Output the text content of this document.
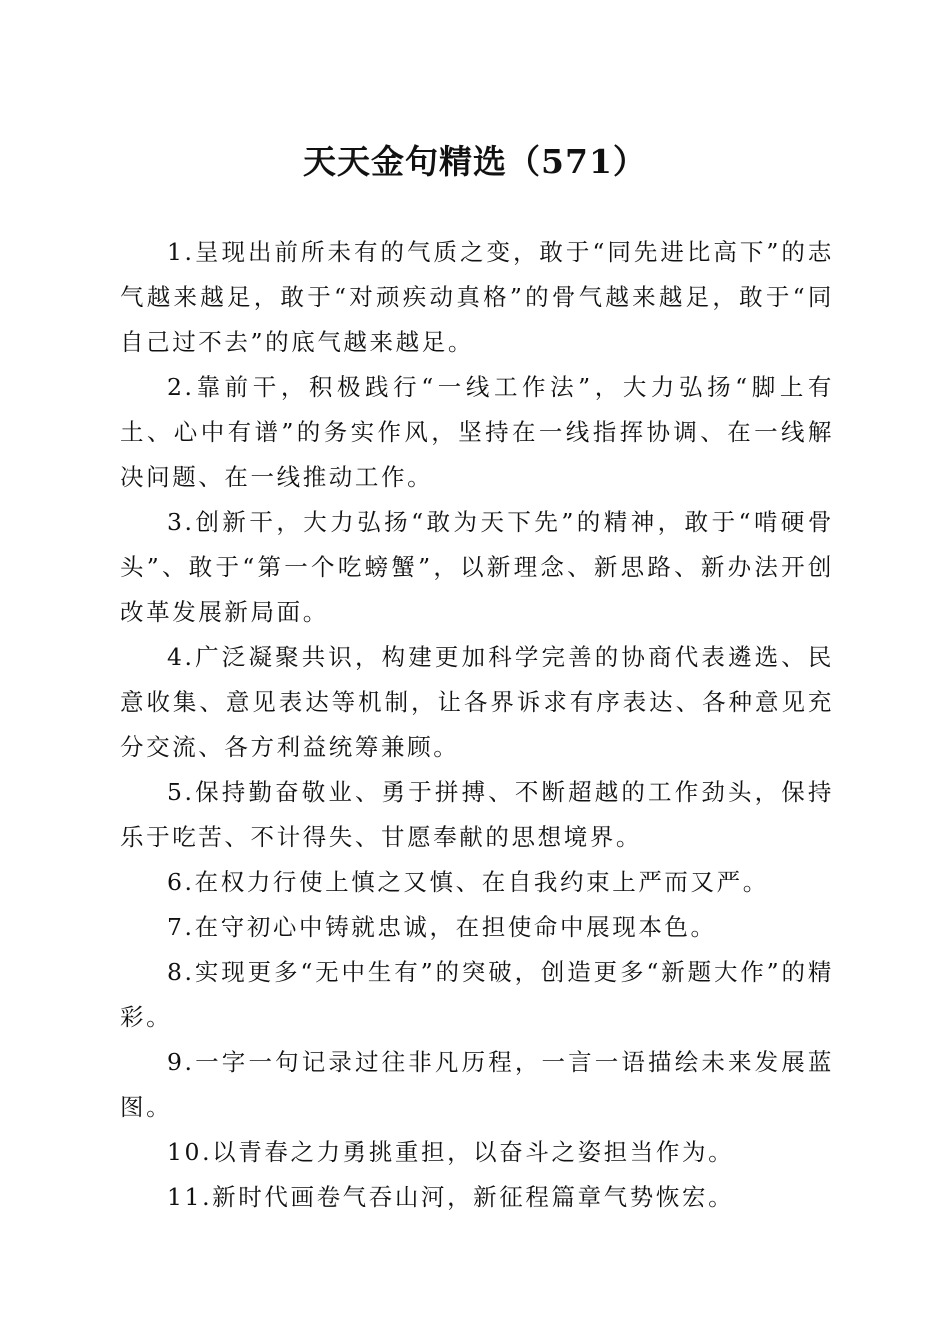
天天金句精选（571）

1.呈现出前所未有的气质之变，敢于“同先进比高下”的志气越来越足，敢于“对顽疾动真格”的骨气越来越足，敢于“同自己过不去”的底气越来越足。

2.靠前干，积极践行“一线工作法”，大力弘扬“脚上有土、心中有谱”的务实作风，坚持在一线指挥协调、在一线解决问题、在一线推动工作。

3.创新干，大力弘扬“敢为天下先”的精神，敢于“啃硬骨头”、敢于“第一个吃螃蟹”，以新理念、新思路、新办法开创改革发展新局面。

4.广泛凝聚共识，构建更加科学完善的协商代表遴选、民意收集、意见表达等机制，让各界诉求有序表达、各种意见充分交流、各方利益统筹兼顾。

5.保持勤奋敬业、勇于拼搏、不断超越的工作劲头，保持乐于吃苦、不计得失、甘愿奉献的思想境界。

6.在权力行使上慎之又慎、在自我约束上严而又严。

7.在守初心中铸就忠诚，在担使命中展现本色。

8.实现更多“无中生有”的突破，创造更多“新题大作”的精彩。

9.一字一句记录过往非凡历程，一言一语描绘未来发展蓝图。

10.以青春之力勇挑重担，以奋斗之姿担当作为。

11.新时代画卷气吞山河，新征程篇章气势恢宏。
